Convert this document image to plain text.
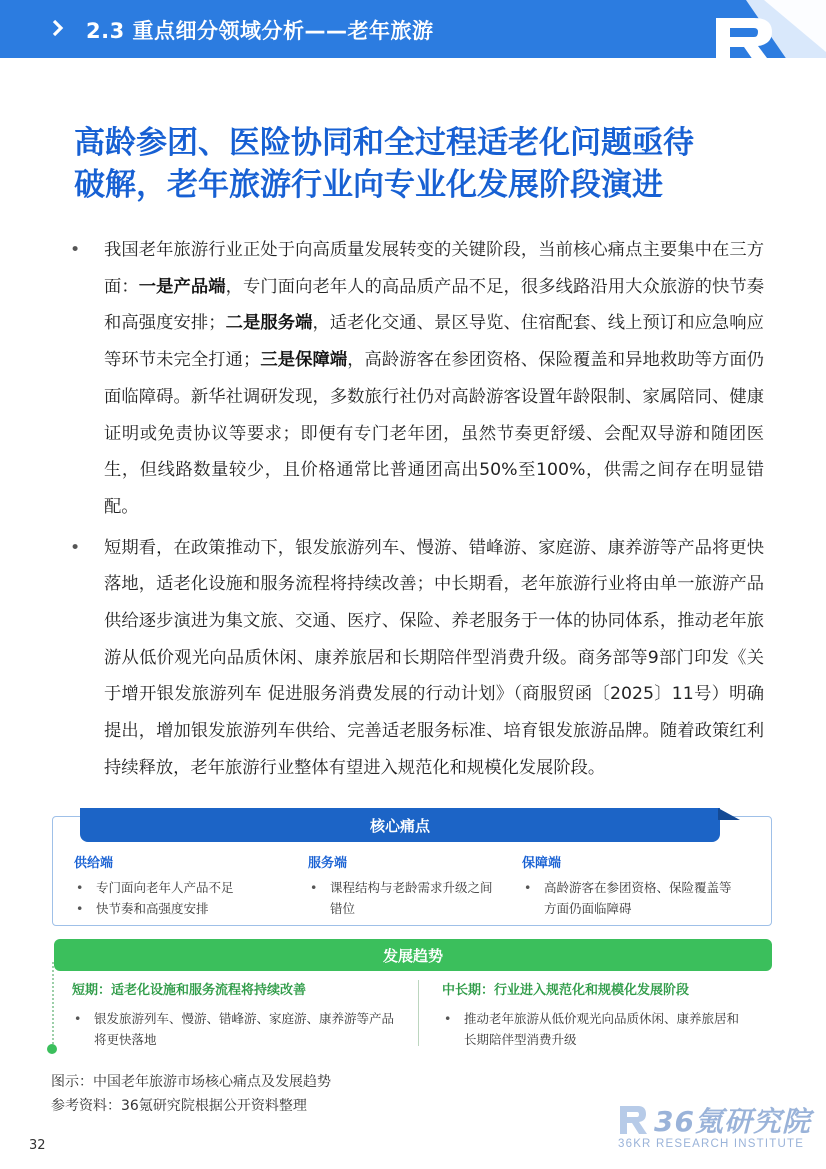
2.3 重点细分领域分析——老年旅游
高龄参团、医险协同和全过程适老化问题亟待
破解，老年旅游行业向专业化发展阶段演进
• 我国老年旅游行业正处于向高质量发展转变的关键阶段，当前核心痛点主要集中在三方面：一是产品端，专门面向老年人的高品质产品不足，很多线路沿用大众旅游的快节奏和高强度安排；二是服务端，适老化交通、景区导览、住宿配套、线上预订和应急响应等环节未完全打通；三是保障端，高龄游客在参团资格、保险覆盖和异地救助等方面仍面临障碍。新华社调研发现，多数旅行社仍对高龄游客设置年龄限制、家属陪同、健康证明或免责协议等要求；即便有专门老年团，虽然节奏更舒缓、会配双导游和随团医生，但线路数量较少，且价格通常比普通团高出50%至100%，供需之间存在明显错配。
• 短期看，在政策推动下，银发旅游列车、慢游、错峰游、家庭游、康养游等产品将更快落地，适老化设施和服务流程将持续改善；中长期看，老年旅游行业将由单一旅游产品供给逐步演进为集文旅、交通、医疗、保险、养老服务于一体的协同体系，推动老年旅游从低价观光向品质休闲、康养旅居和长期陪伴型消费升级。商务部等9部门印发《关于增开银发旅游列车 促进服务消费发展的行动计划》（商服贸函〔2025〕11号）明确提出，增加银发旅游列车供给、完善适老服务标准、培育银发旅游品牌。随着政策红利持续释放，老年旅游行业整体有望进入规范化和规模化发展阶段。
核心痛点
供给端
• 专门面向老年人产品不足
• 快节奏和高强度安排
服务端
• 课程结构与老龄需求升级之间错位
保障端
• 高龄游客在参团资格、保险覆盖等方面仍面临障碍
发展趋势
短期：适老化设施和服务流程将持续改善
• 银发旅游列车、慢游、错峰游、家庭游、康养游等产品将更快落地
中长期：行业进入规范化和规模化发展阶段
• 推动老年旅游从低价观光向品质休闲、康养旅居和长期陪伴型消费升级
图示：中国老年旅游市场核心痛点及发展趋势
参考资料：36氪研究院根据公开资料整理
32
36氪研究院
36KR RESEARCH INSTITUTE
